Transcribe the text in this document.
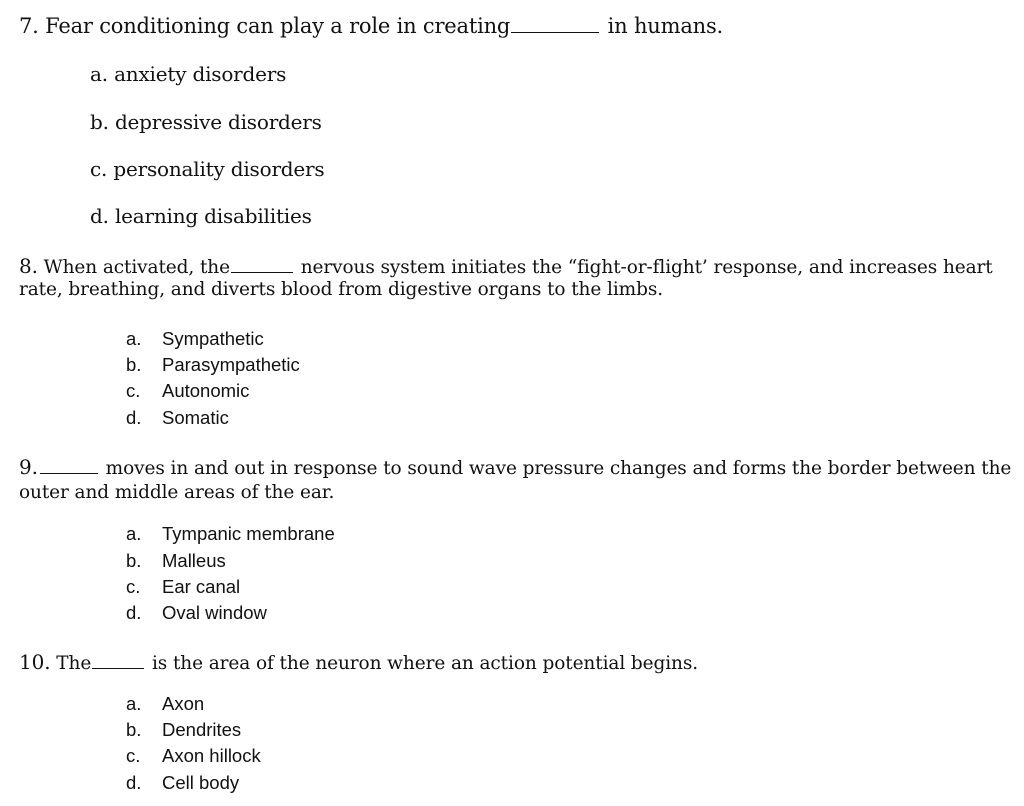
7. Fear conditioning can play a role in creating	in humans.
a. anxiety disorders
b. depressive disorders
c. personality disorders
d. learning disabilities
8. When activated, the	nervous system initiates the “fight-or-flight’ response, and increases heart
rate, breathing, and diverts blood from digestive organs to the limbs.
a. Sympathetic
b. Parasympathetic
c. Autonomic
d. Somatic
9.	moves in and out in response to sound wave pressure changes and forms the border between the
outer and middle areas of the ear.
a. Tympanic membrane
b. Malleus
c. Ear canal
d. Oval window
10. The	is the area of the neuron where an action potential begins.
a. Axon
b. Dendrites
c. Axon hillock
d. Cell body
